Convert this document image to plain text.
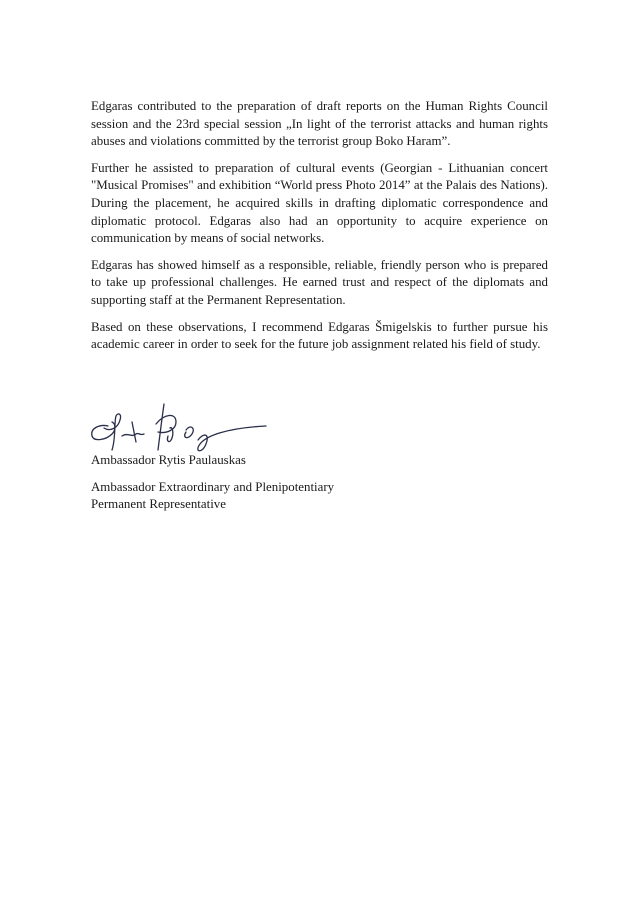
Edgaras contributed to the preparation of draft reports on the Human Rights Council session and the 23rd special session „In light of the terrorist attacks and human rights abuses and violations committed by the terrorist group Boko Haram”.

Further he assisted to preparation of cultural events (Georgian - Lithuanian concert "Musical Promises" and exhibition “World press Photo 2014” at the Palais des Nations). During the placement, he acquired skills in drafting diplomatic correspondence and diplomatic protocol. Edgaras also had an opportunity to acquire experience on communication by means of social networks.

Edgaras has showed himself as a responsible, reliable, friendly person who is prepared to take up professional challenges. He earned trust and respect of the diplomats and supporting staff at the Permanent Representation.

Based on these observations, I recommend Edgaras Šmigelskis to further pursue his academic career in order to seek for the future job assignment related his field of study.

Ambassador Rytis Paulauskas

Ambassador Extraordinary and Plenipotentiary

Permanent Representative
